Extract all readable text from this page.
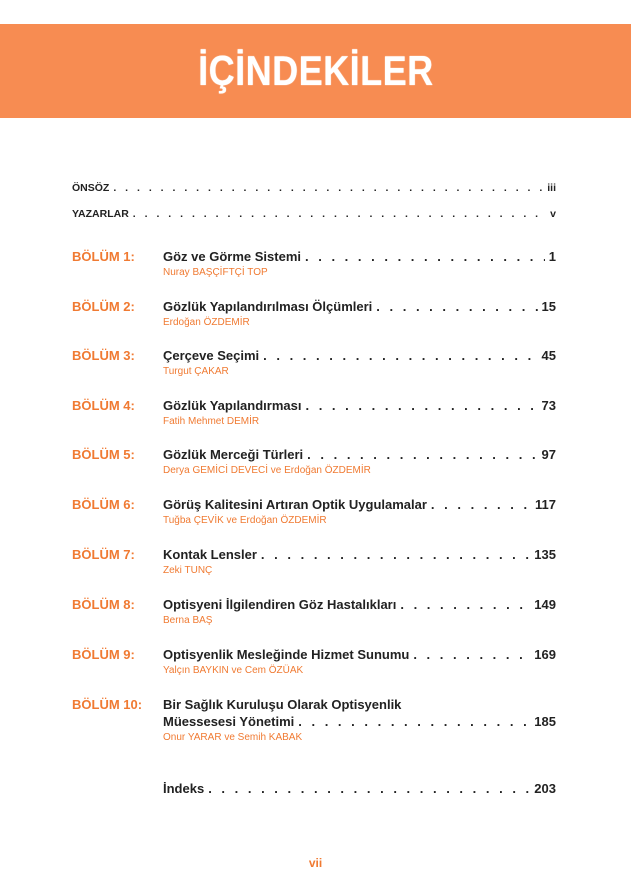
İÇİNDEKİLER
ÖNSÖZ . . .	iii
YAZARLAR . . .	v
BÖLÜM 1: Göz ve Görme Sistemi . . .	1
Nuray BAŞÇİFTÇİ TOP
BÖLÜM 2: Gözlük Yapılandırılması Ölçümleri . . .	15
Erdoğan ÖZDEMİR
BÖLÜM 3: Çerçeve Seçimi . . .	45
Turgut ÇAKAR
BÖLÜM 4: Gözlük Yapılandırması . . .	73
Fatih Mehmet DEMİR
BÖLÜM 5: Gözlük Merceği Türleri . . .	97
Derya GEMİCİ DEVECİ ve Erdoğan ÖZDEMİR
BÖLÜM 6: Görüş Kalitesini Artıran Optik Uygulamalar . . .	117
Tuğba ÇEVİK ve Erdoğan ÖZDEMİR
BÖLÜM 7: Kontak Lensler . . .	135
Zeki TUNÇ
BÖLÜM 8: Optisyeni İlgilendiren Göz Hastalıkları . . .	149
Berna BAŞ
BÖLÜM 9: Optisyenlik Mesleğinde Hizmet Sunumu . . .	169
Yalçın BAYKIN ve Cem ÖZÜAK
BÖLÜM 10: Bir Sağlık Kuruluşu Olarak Optisyenlik
Müessesesi Yönetimi . . .	185
Onur YARAR ve Semih KABAK
İndeks . . .	203
vii
